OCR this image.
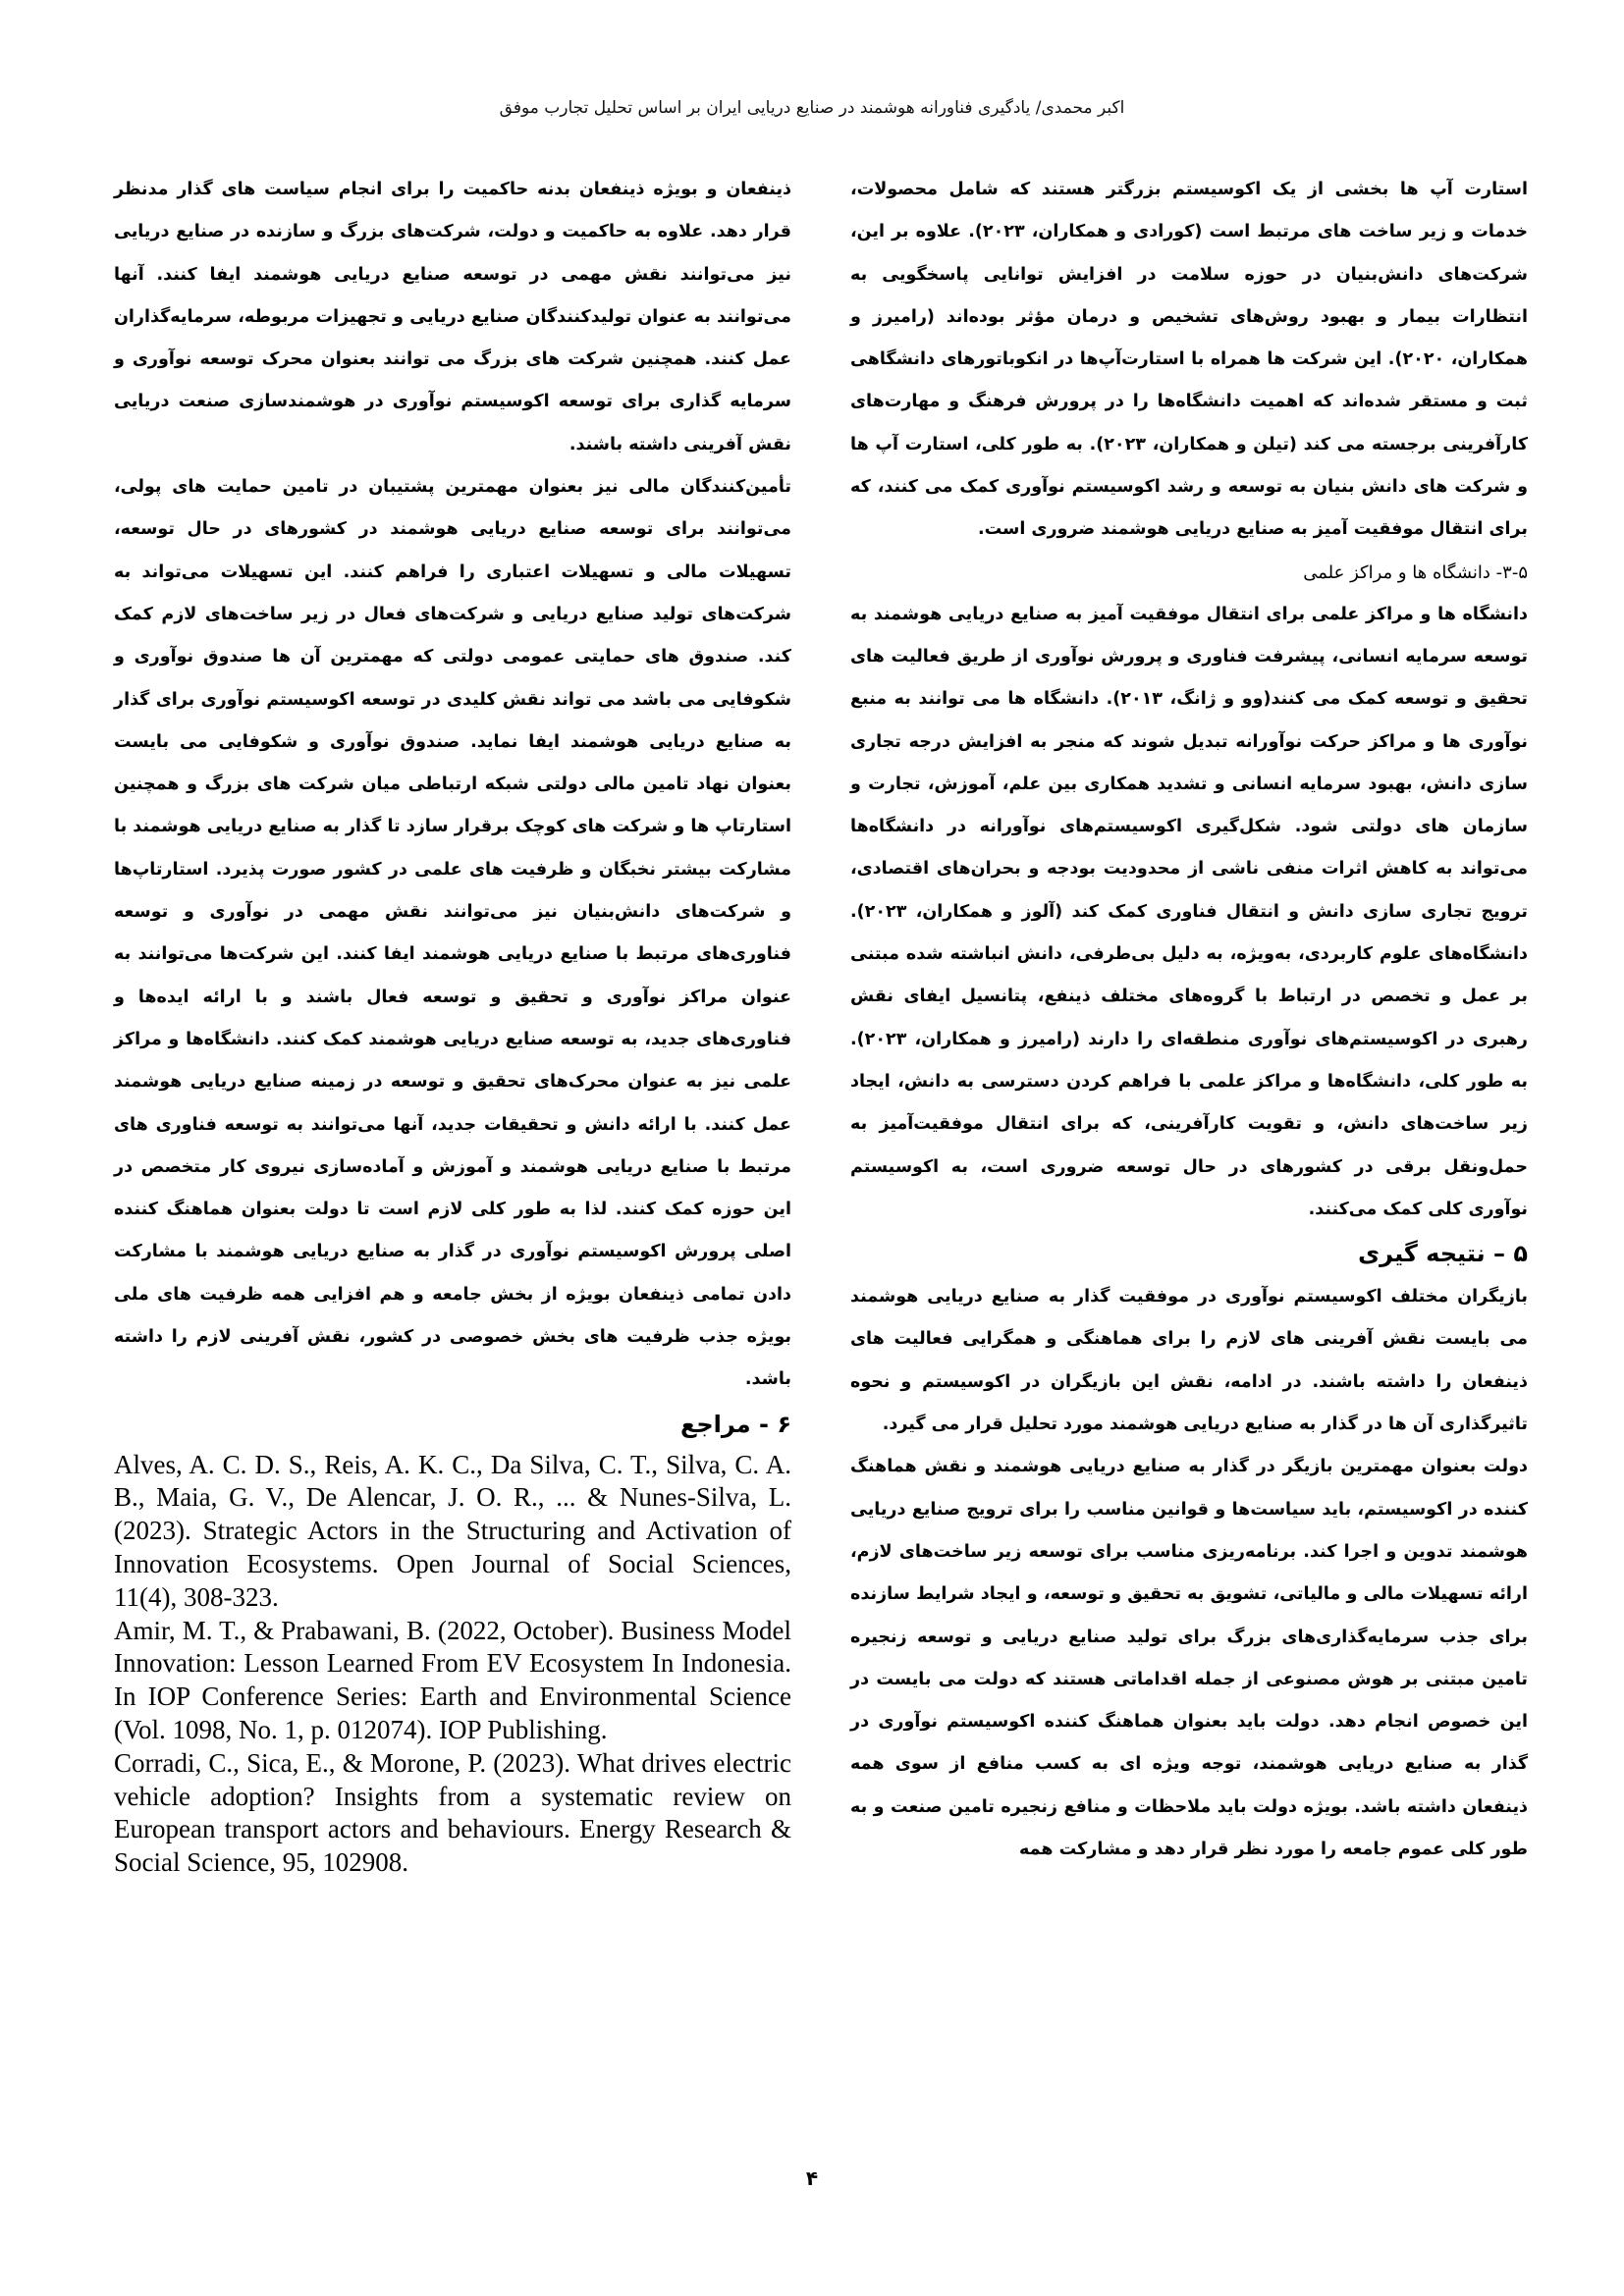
اکبر محمدی/ یادگیری فناورانه هوشمند در صنایع دریایی ایران بر اساس تحلیل تجارب موفق

استارت آپ ها بخشی از یک اکوسیستم بزرگتر هستند که شامل محصولات، خدمات و زیر ساخت های مرتبط است (کورادی و همکاران، ۲۰۲۳). علاوه بر این، شرکت‌های دانش‌بنیان در حوزه سلامت در افزایش توانایی پاسخگویی به انتظارات بیمار و بهبود روش‌های تشخیص و درمان مؤثر بوده‌اند (رامیرز و همکاران، ۲۰۲۰). این شرکت ها همراه با استارت‌آپ‌ها در انکوباتورهای دانشگاهی ثبت و مستقر شده‌اند که اهمیت دانشگاه‌ها را در پرورش فرهنگ و مهارت‌های کارآفرینی برجسته می کند (تیلن و همکاران، ۲۰۲۳). به طور کلی، استارت آپ ها و شرکت های دانش بنیان به توسعه و رشد اکوسیستم نوآوری کمک می کنند، که برای انتقال موفقیت آمیز به صنایع دریایی هوشمند ضروری است.

۳-۵- دانشگاه ها و مراکز علمی

دانشگاه ها و مراکز علمی برای انتقال موفقیت آمیز به صنایع دریایی هوشمند به توسعه سرمایه انسانی، پیشرفت فناوری و پرورش نوآوری از طریق فعالیت های تحقیق و توسعه کمک می کنند(وو و ژانگ، ۲۰۱۳). دانشگاه ها می توانند به منبع نوآوری ها و مراکز حرکت نوآورانه تبدیل شوند که منجر به افزایش درجه تجاری سازی دانش، بهبود سرمایه انسانی و تشدید همکاری بین علم، آموزش، تجارت و سازمان های دولتی شود. شکل‌گیری اکوسیستم‌های نوآورانه در دانشگاه‌ها می‌تواند به کاهش اثرات منفی ناشی از محدودیت بودجه و بحران‌های اقتصادی، ترویج تجاری سازی دانش و انتقال فناوری کمک کند (آلوز و همکاران، ۲۰۲۳). دانشگاه‌های علوم کاربردی، به‌ویژه، به دلیل بی‌طرفی، دانش انباشته شده مبتنی بر عمل و تخصص در ارتباط با گروه‌های مختلف ذینفع، پتانسیل ایفای نقش رهبری در اکوسیستم‌های نوآوری منطقه‌ای را دارند (رامیرز و همکاران، ۲۰۲۳). به طور کلی، دانشگاه‌ها و مراکز علمی با فراهم کردن دسترسی به دانش، ایجاد زیر ساخت‌های دانش، و تقویت کارآفرینی، که برای انتقال موفقیت‌آمیز به حمل‌ونقل برقی در کشورهای در حال توسعه ضروری است، به اکوسیستم نوآوری کلی کمک می‌کنند.

۵ – نتیجه گیری

بازیگران مختلف اکوسیستم نوآوری در موفقیت گذار به صنایع دریایی هوشمند می بایست نقش آفرینی های لازم را برای هماهنگی و همگرایی فعالیت های ذینفعان را داشته باشند. در ادامه، نقش این بازیگران در اکوسیستم و نحوه تاثیرگذاری آن ها در گذار به صنایع دریایی هوشمند مورد تحلیل قرار می گیرد.

دولت بعنوان مهمترین بازیگر در گذار به صنایع دریایی هوشمند و نقش هماهنگ کننده در اکوسیستم، باید سیاست‌ها و قوانین مناسب را برای ترویج صنایع دریایی هوشمند تدوین و اجرا کند. برنامه‌ریزی مناسب برای توسعه زیر ساخت‌های لازم، ارائه تسهیلات مالی و مالیاتی، تشویق به تحقیق و توسعه، و ایجاد شرایط سازنده برای جذب سرمایه‌گذاری‌های بزرگ برای تولید صنایع دریایی و توسعه زنجیره تامین مبتنی بر هوش مصنوعی از جمله اقداماتی هستند که دولت می بایست در این خصوص انجام دهد. دولت باید بعنوان هماهنگ کننده اکوسیستم نوآوری در گذار به صنایع دریایی هوشمند، توجه ویژه ای به کسب منافع از سوی همه ذینفعان داشته باشد. بویژه دولت باید ملاحظات و منافع زنجیره تامین صنعت و به طور کلی عموم جامعه را مورد نظر قرار دهد و مشارکت همه

ذینفعان و بویژه ذینفعان بدنه حاکمیت را برای انجام سیاست های گذار مدنظر قرار دهد. علاوه به حاکمیت و دولت، شرکت‌های بزرگ و سازنده در صنایع دریایی نیز می‌توانند نقش مهمی در توسعه صنایع دریایی هوشمند ایفا کنند. آنها می‌توانند به عنوان تولیدکنندگان صنایع دریایی و تجهیزات مربوطه، سرمایه‌گذاران عمل کنند. همچنین شرکت های بزرگ می توانند بعنوان محرک توسعه نوآوری و سرمایه گذاری برای توسعه اکوسیستم نوآوری در هوشمندسازی صنعت دریایی نقش آفرینی داشته باشند.

تأمین‌کنندگان مالی نیز بعنوان مهمترین پشتیبان در تامین حمایت های پولی، می‌توانند برای توسعه صنایع دریایی هوشمند در کشورهای در حال توسعه، تسهیلات مالی و تسهیلات اعتباری را فراهم کنند. این تسهیلات می‌تواند به شرکت‌های تولید صنایع دریایی و شرکت‌های فعال در زیر ساخت‌های لازم کمک کند. صندوق های حمایتی عمومی دولتی که مهمترین آن ها صندوق نوآوری و شکوفایی می باشد می تواند نقش کلیدی در توسعه اکوسیستم نوآوری برای گذار به صنایع دریایی هوشمند ایفا نماید. صندوق نوآوری و شکوفایی می بایست بعنوان نهاد تامین مالی دولتی شبکه ارتباطی میان شرکت های بزرگ و همچنین استارتاپ ها و شرکت های کوچک برقرار سازد تا گذار به صنایع دریایی هوشمند با مشارکت بیشتر نخبگان و ظرفیت های علمی در کشور صورت پذیرد. استارتاپ‌ها و شرکت‌های دانش‌بنیان نیز می‌توانند نقش مهمی در نوآوری و توسعه فناوری‌های مرتبط با صنایع دریایی هوشمند ایفا کنند. این شرکت‌ها می‌توانند به عنوان مراکز نوآوری و تحقیق و توسعه فعال باشند و با ارائه ایده‌ها و فناوری‌های جدید، به توسعه صنایع دریایی هوشمند کمک کنند. دانشگاه‌ها و مراکز علمی نیز به عنوان محرک‌های تحقیق و توسعه در زمینه صنایع دریایی هوشمند عمل کنند. با ارائه دانش و تحقیقات جدید، آنها می‌توانند به توسعه فناوری های مرتبط با صنایع دریایی هوشمند و آموزش و آماده‌سازی نیروی کار متخصص در این حوزه کمک کنند. لذا به طور کلی لازم است تا دولت بعنوان هماهنگ کننده اصلی پرورش اکوسیستم نوآوری در گذار به صنایع دریایی هوشمند با مشارکت دادن تمامی ذینفعان بویژه از بخش جامعه و هم افزایی همه ظرفیت های ملی بویژه جذب ظرفیت های بخش خصوصی در کشور، نقش آفرینی لازم را داشته باشد.

۶ - مراجع

Alves, A. C. D. S., Reis, A. K. C., Da Silva, C. T., Silva, C. A. B., Maia, G. V., De Alencar, J. O. R., ... & Nunes-Silva, L. (2023). Strategic Actors in the Structuring and Activation of Innovation Ecosystems. Open Journal of Social Sciences, 11(4), 308-323.

Amir, M. T., & Prabawani, B. (2022, October). Business Model Innovation: Lesson Learned From EV Ecosystem In Indonesia. In IOP Conference Series: Earth and Environmental Science (Vol. 1098, No. 1, p. 012074). IOP Publishing.

Corradi, C., Sica, E., & Morone, P. (2023). What drives electric vehicle adoption? Insights from a systematic review on European transport actors and behaviours. Energy Research & Social Science, 95, 102908.

۴
